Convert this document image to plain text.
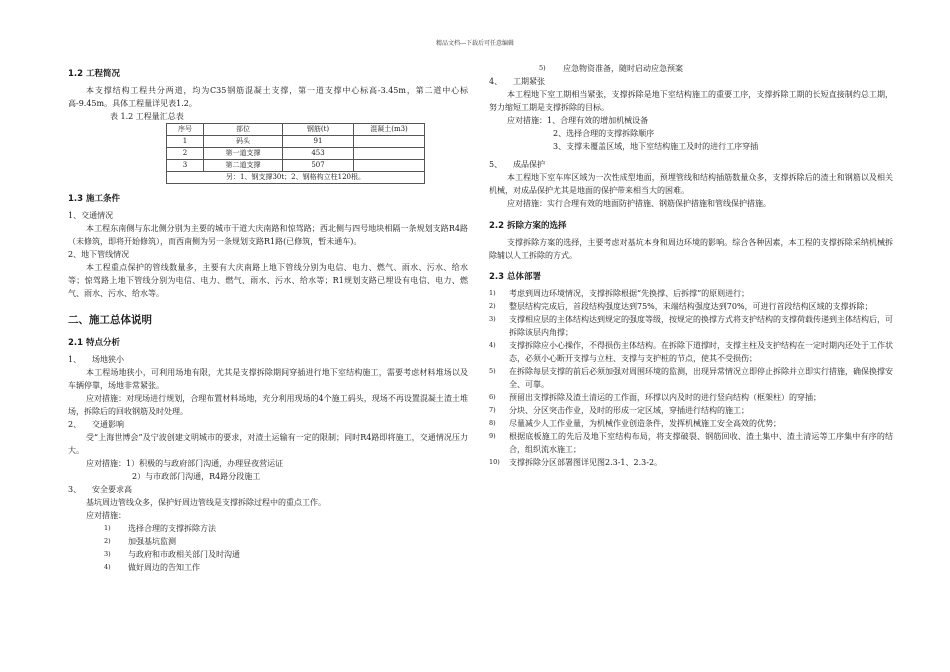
精品文档---下载后可任意编辑
1.2 工程简况

本支撑结构工程共分两道，均为C35钢筋混凝土支撑，第一道支撑中心标高-3.45m，第二道中心标高-9.45m。具体工程量详见表1.2。

表 1.2 工程量汇总表

序号	部位	钢筋(t)	混凝土(m3)
1	码头	91	
2	第一道支撑	453	
3	第二道支撑	507	
另：1、钢支撑30t；2、钢格构立柱120根。			
1.3 施工条件

1、交通情况

本工程东南侧与东北侧分别为主要的城市干道大庆南路和惊驾路；西北侧与四号地块相隔一条规划支路R4路（未修筑，即将开始修筑），而西南侧为另一条规划支路R1路(已修筑，暂未通车)。

2、地下管线情况

本工程重点保护的管线数量多，主要有大庆南路上地下管线分别为电信、电力、燃气、雨水、污水、给水等；惊驾路上地下管线分别为电信、电力、燃气、雨水、污水、给水等；R1规划支路已埋设有电信、电力、燃气、雨水、污水、给水等。

二、施工总体说明
2.1 特点分析
1、	场地狭小

本工程场地狭小，可利用场地有限，尤其是支撑拆除期间穿插进行地下室结构施工，需要考虑材料堆场以及车辆停靠，场地非常紧张。

应对措施：对现场进行规划，合理布置材料场地，充分利用现场的4个施工码头，现场不再设置混凝土渣土堆场，拆除后的回收钢筋及时处理。

2、	交通影响

受“上海世博会”及宁波创建文明城市的要求，对渣土运输有一定的限制；同时R4路即将施工，交通情况压力大。

应对措施：1）积极的与政府部门沟通，办理昼夜营运证

2）与市政部门沟通，R4路分段施工

3、	安全要求高

基坑周边管线众多，保护好周边管线是支撑拆除过程中的重点工作。

应对措施：

1)	选择合理的支撑拆除方法
2)	加强基坑监测
3)	与政府和市政相关部门及时沟通
4)	做好周边的告知工作
5)	应急物资准备，随时启动应急预案
4、	工期紧张

本工程地下室工期相当紧张，支撑拆除是地下室结构施工的重要工序，支撑拆除工期的长短直接制约总工期，努力缩短工期是支撑拆除的目标。

应对措施：1、合理有效的增加机械设备

2、选择合理的支撑拆除顺序

3、支撑未覆盖区域，地下室结构施工及时的进行工序穿插

5、	成品保护

本工程地下室车库区域为一次性成型地面，预埋管线和结构插筋数量众多，支撑拆除后的渣土和钢筋以及相关机械，对成品保护尤其是地面的保护带来相当大的困难。

应对措施：实行合理有效的地面防护措施、钢筋保护措施和管线保护措施。

2.2 拆除方案的选择

支撑拆除方案的选择，主要考虑对基坑本身和周边环境的影响。综合各种因素，本工程的支撑拆除采纳机械拆除辅以人工拆除的方式。

2.3 总体部署
1)	考虑到周边环境情况，支撑拆除根据“先换撑、后拆撑”的原则进行；
2)	整层结构完成后，首段结构强度达到75%，末端结构强度达到70%，可进行首段结构区域的支撑拆除；
3)	支撑相应层的主体结构达到规定的强度等级，按规定的换撑方式将支护结构的支撑荷载传递到主体结构后，可拆除该层内角撑；
4)	支撑拆除应小心操作，不得损伤主体结构。在拆除下道撑时，支撑主柱及支护结构在一定时期内还处于工作状态，必须小心断开支撑与立柱、支撑与支护桩的节点，使其不受损伤；
5)	在拆除每层支撑的前后必须加强对周围环境的监测，出现异常情况立即停止拆除并立即实行措施，确保换撑安全、可靠。
6)	预留出支撑拆除及渣土清运的工作面，环撑以内及时的进行竖向结构（框架柱）的穿插；
7)	分块、分区突击作业，及时的形成一定区域，穿插进行结构的施工；
8)	尽量减少人工作业量，为机械作业创造条件，发挥机械施工安全高效的优势；
9)	根据底板施工的先后及地下室结构布局，将支撑破裂、钢筋回收、渣土集中、渣土清运等工序集中有序的结合，组织流水施工；
10)	支撑拆除分区部署图详见图2.3-1、2.3-2。
